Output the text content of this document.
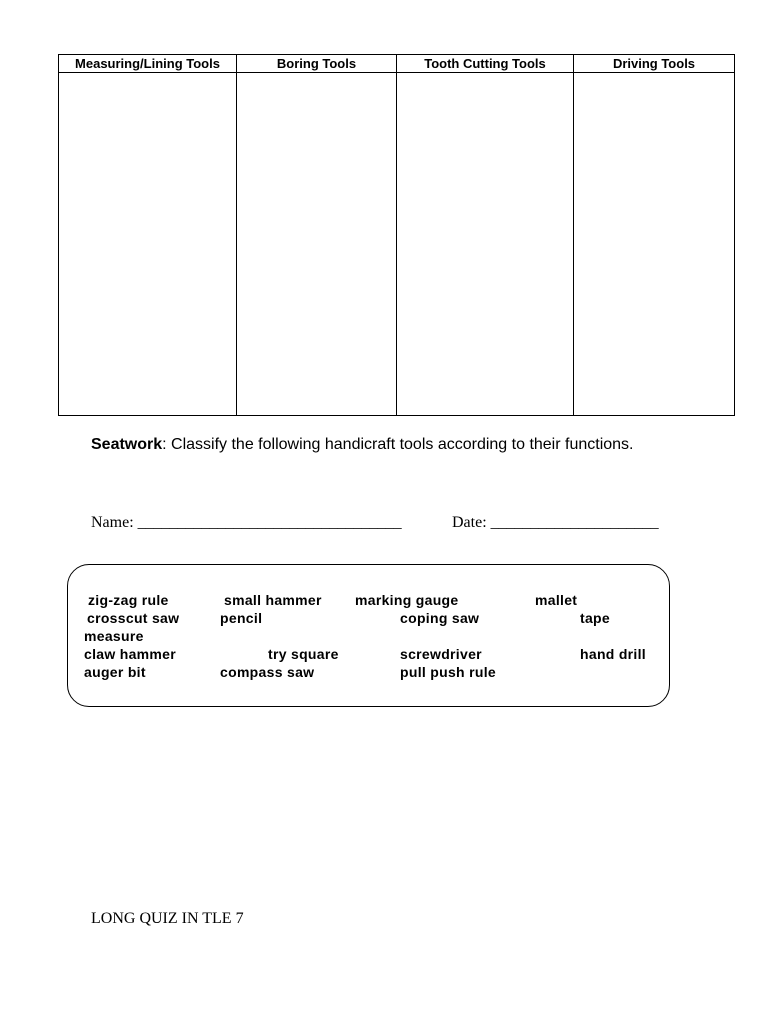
Measuring/Lining Tools	Boring Tools	Tooth Cutting Tools	Driving Tools
Seatwork: Classify the following handicraft tools according to their functions.
Name: _________________________________	Date: _____________________
zig-zag rule	small hammer marking gauge	mallet
crosscut saw	pencil	coping saw	tape
measure
claw hammer	try square	screwdriver	hand drill
auger bit	compass saw	pull push rule
LONG QUIZ IN TLE 7
